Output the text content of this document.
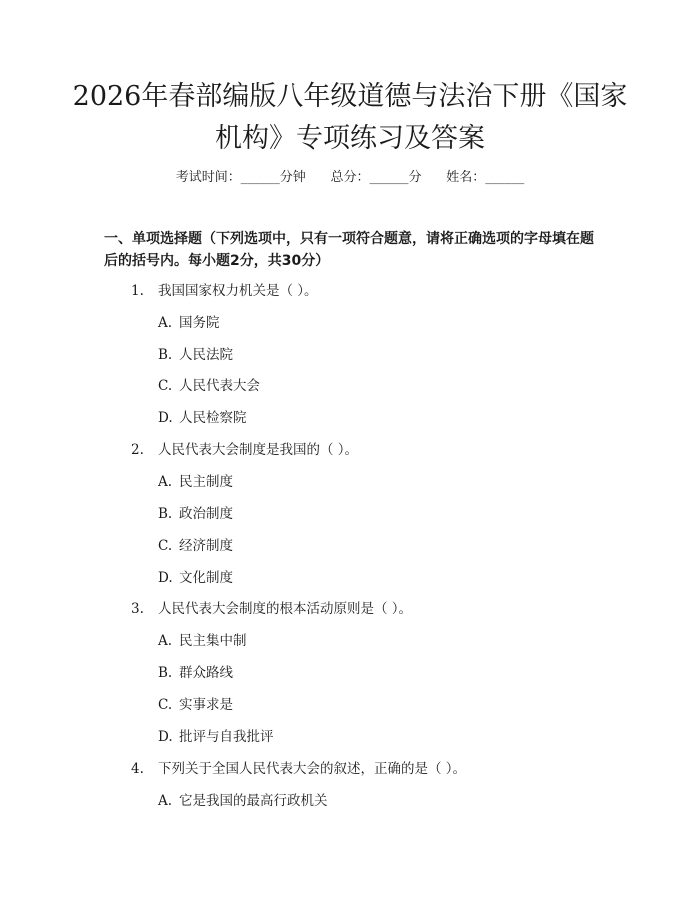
2026年春部编版八年级道德与法治下册《国家机构》专项练习及答案
考试时间：______分钟      总分：______分      姓名：______
一、单项选择题（下列选项中，只有一项符合题意，请将正确选项的字母填在题后的括号内。每小题2分，共30分）
1. 我国国家权力机关是（ ）。
A. 国务院
B. 人民法院
C. 人民代表大会
D. 人民检察院
2. 人民代表大会制度是我国的（ ）。
A. 民主制度
B. 政治制度
C. 经济制度
D. 文化制度
3. 人民代表大会制度的根本活动原则是（ ）。
A. 民主集中制
B. 群众路线
C. 实事求是
D. 批评与自我批评
4. 下列关于全国人民代表大会的叙述，正确的是（ ）。
A. 它是我国的最高行政机关
